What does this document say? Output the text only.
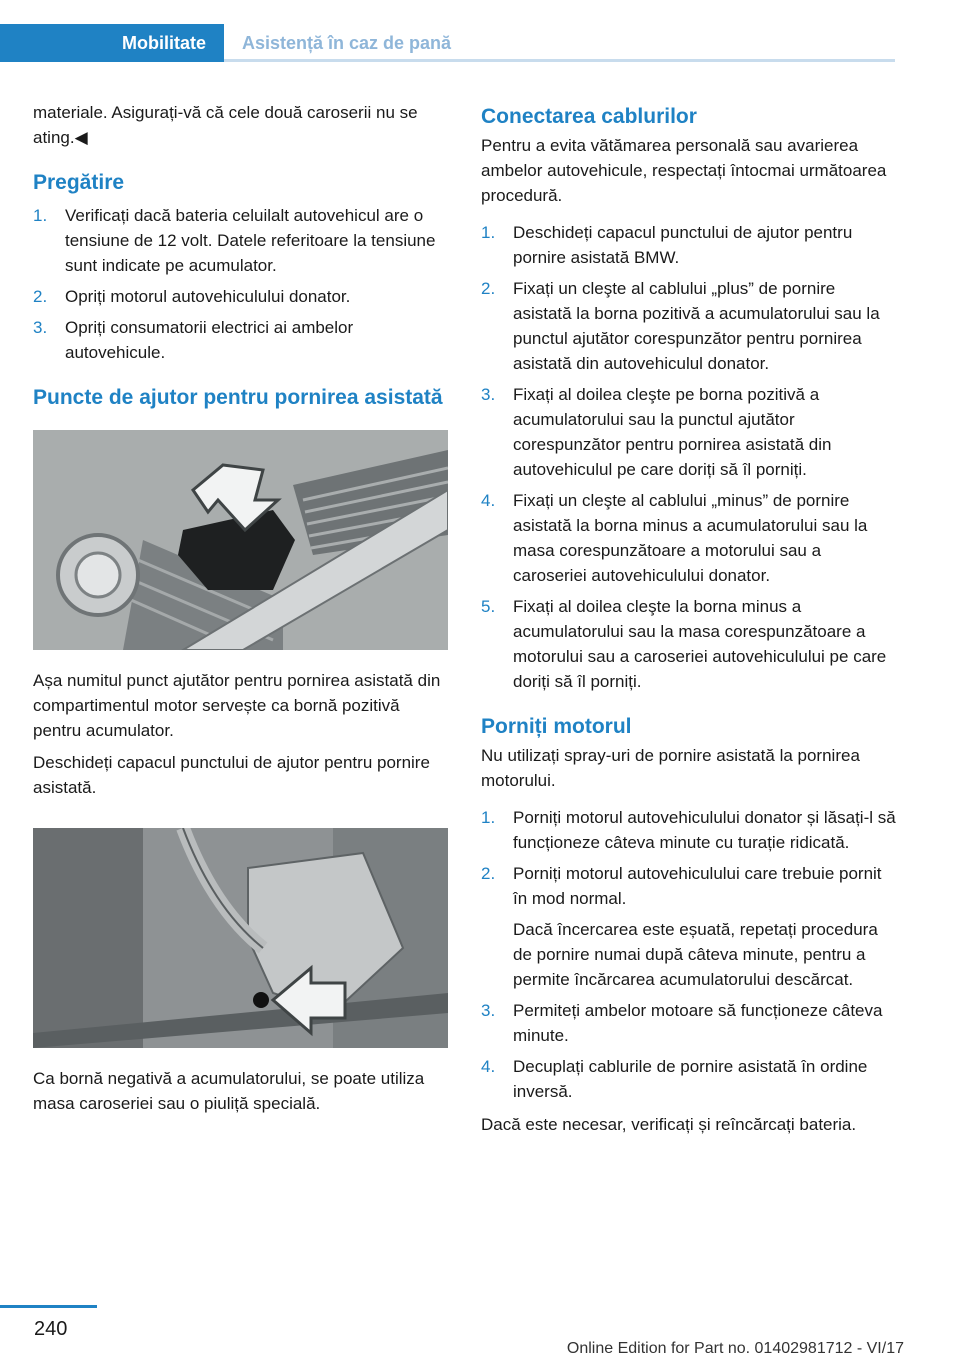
Mobilitate	Asistență în caz de pană

materiale. Asigurați-vă că cele două caroserii nu se ating.◀

Pregătire
1. Verificați dacă bateria celuilalt autovehicul are o tensiune de 12 volt. Datele referitoare la tensiune sunt indicate pe acumulator.
2. Opriți motorul autovehiculului donator.
3. Opriți consumatorii electrici ai ambelor autovehicule.
Puncte de ajutor pentru pornirea asistată

Așa numitul punct ajutător pentru pornirea asistată din compartimentul motor servește ca bornă pozitivă pentru acumulator.

Deschideți capacul punctului de ajutor pentru pornire asistată.

Ca bornă negativă a acumulatorului, se poate utiliza masa caroseriei sau o piuliță specială.

Conectarea cablurilor

Pentru a evita vătămarea personală sau avarierea ambelor autovehicule, respectați întocmai următoarea procedură.

1. Deschideți capacul punctului de ajutor pentru pornire asistată BMW.
2. Fixați un cleşte al cablului „plus” de pornire asistată la borna pozitivă a acumulatorului sau la punctul ajutător corespunzător pentru pornirea asistată din autovehiculul donator.
3. Fixați al doilea cleşte pe borna pozitivă a acumulatorului sau la punctul ajutător corespunzător pentru pornirea asistată din autovehiculul pe care doriți să îl porniți.
4. Fixați un cleşte al cablului „minus” de pornire asistată la borna minus a acumulatorului sau la masa corespunzătoare a motorului sau a caroseriei autovehiculului donator.
5. Fixați al doilea cleşte la borna minus a acumulatorului sau la masa corespunzătoare a motorului sau a caroseriei autovehiculului pe care doriți să îl porniți.
Porniți motorul

Nu utilizați spray-uri de pornire asistată la pornirea motorului.

1. Porniți motorul autovehiculului donator și lăsați-l să funcționeze câteva minute cu turație ridicată.
2. Porniți motorul autovehiculului care trebuie pornit în mod normal.
Dacă încercarea este eșuată, repetați procedura de pornire numai după câteva minute, pentru a permite încărcarea acumulatorului descărcat.
3. Permiteți ambelor motoare să funcționeze câteva minute.
4. Decuplați cablurile de pornire asistată în ordine inversă.

Dacă este necesar, verificați și reîncărcați bateria.

240
Online Edition for Part no. 01402981712 - VI/17
